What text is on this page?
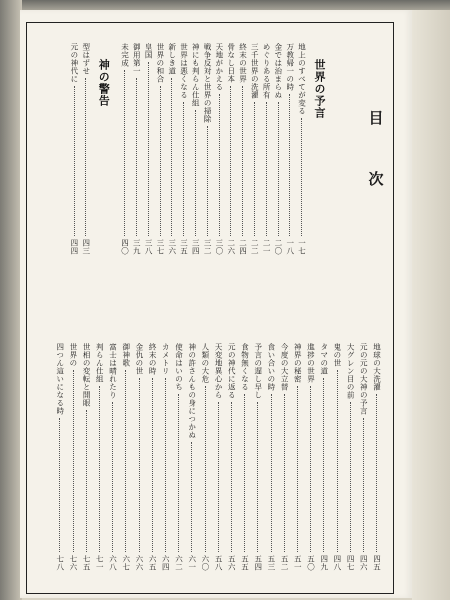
目
次
世界の予言
地上のすべてが変る
一七
万教帰一の時
一八
金では治まらぬ
二〇
めぐりある所有
二一
三千世界の洗濯
二二
終末の世界
二四
骨なし日本
二六
天地がかえる
三〇
戦争反対と世界の掃除
三二
神にも判らん仕組
三四
世界は悪くなる
三五
新しき道
三六
世界の和合
三七
皇国
三八
御用第一
三九
未完成
四〇
神の警告
型はずせ
四三
元の神代に
四四
地球の大洗濯
四五
元の元の大神の予言
四六
大グレン目の前
四七
鬼の世
四八
タマの道
四九
進捗の世界
五〇
神界の秘密
五一
今度の大立替
五二
食い合いの時
五三
予言の遅し早し
五四
食物無くなる
五五
元の神代に返る
五六
天変地異心から
五八
人類の大危
六〇
神の許さんもの身につかぬ
六一
使命はいのち
六二
カメトリ
六四
終末の時
六五
金仇の世
六六
御神歌
六七
富士は晴れたり
六八
判らん仕組
七一
世相の変転と開眼
七五
世界の
七六
四つん這いになる時
七八
